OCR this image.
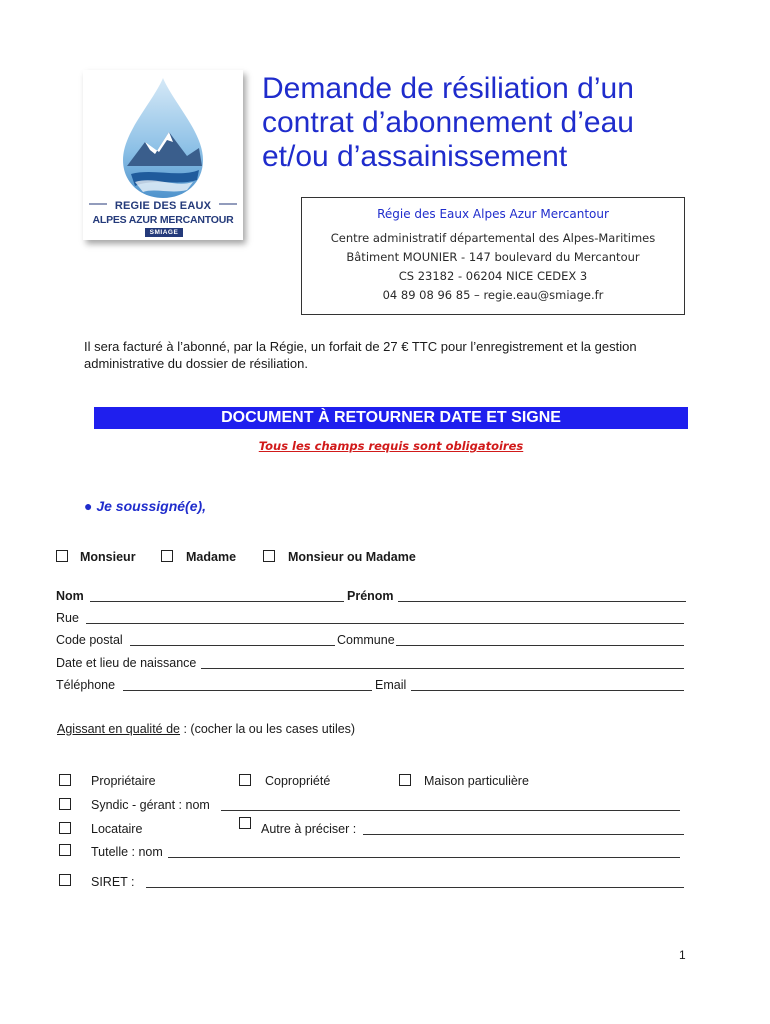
REGIE DES EAUX
ALPES AZUR MERCANTOUR
SMIAGE
Demande de résiliation d’un
contrat d’abonnement d’eau
et/ou d’assainissement
Régie des Eaux Alpes Azur Mercantour
Centre administratif départemental des Alpes-Maritimes
Bâtiment MOUNIER - 147 boulevard du Mercantour
CS 23182 - 06204 NICE CEDEX 3
04 89 08 96 85 – regie.eau@smiage.fr
Il sera facturé à l’abonné, par la Régie, un forfait de 27 € TTC pour l’enregistrement et la gestion administrative du dossier de résiliation.
DOCUMENT À RETOURNER DATE ET SIGNE
Tous les champs requis sont obligatoires
● Je soussigné(e),
Monsieur	Madame	Monsieur ou Madame
Nom	Prénom
Rue
Code postal	Commune
Date et lieu de naissance
Téléphone	Email
Agissant en qualité de : (cocher la ou les cases utiles)
Propriétaire	Copropriété	Maison particulière
Syndic - gérant : nom
Locataire	Autre à préciser :
Tutelle : nom
SIRET :
1
